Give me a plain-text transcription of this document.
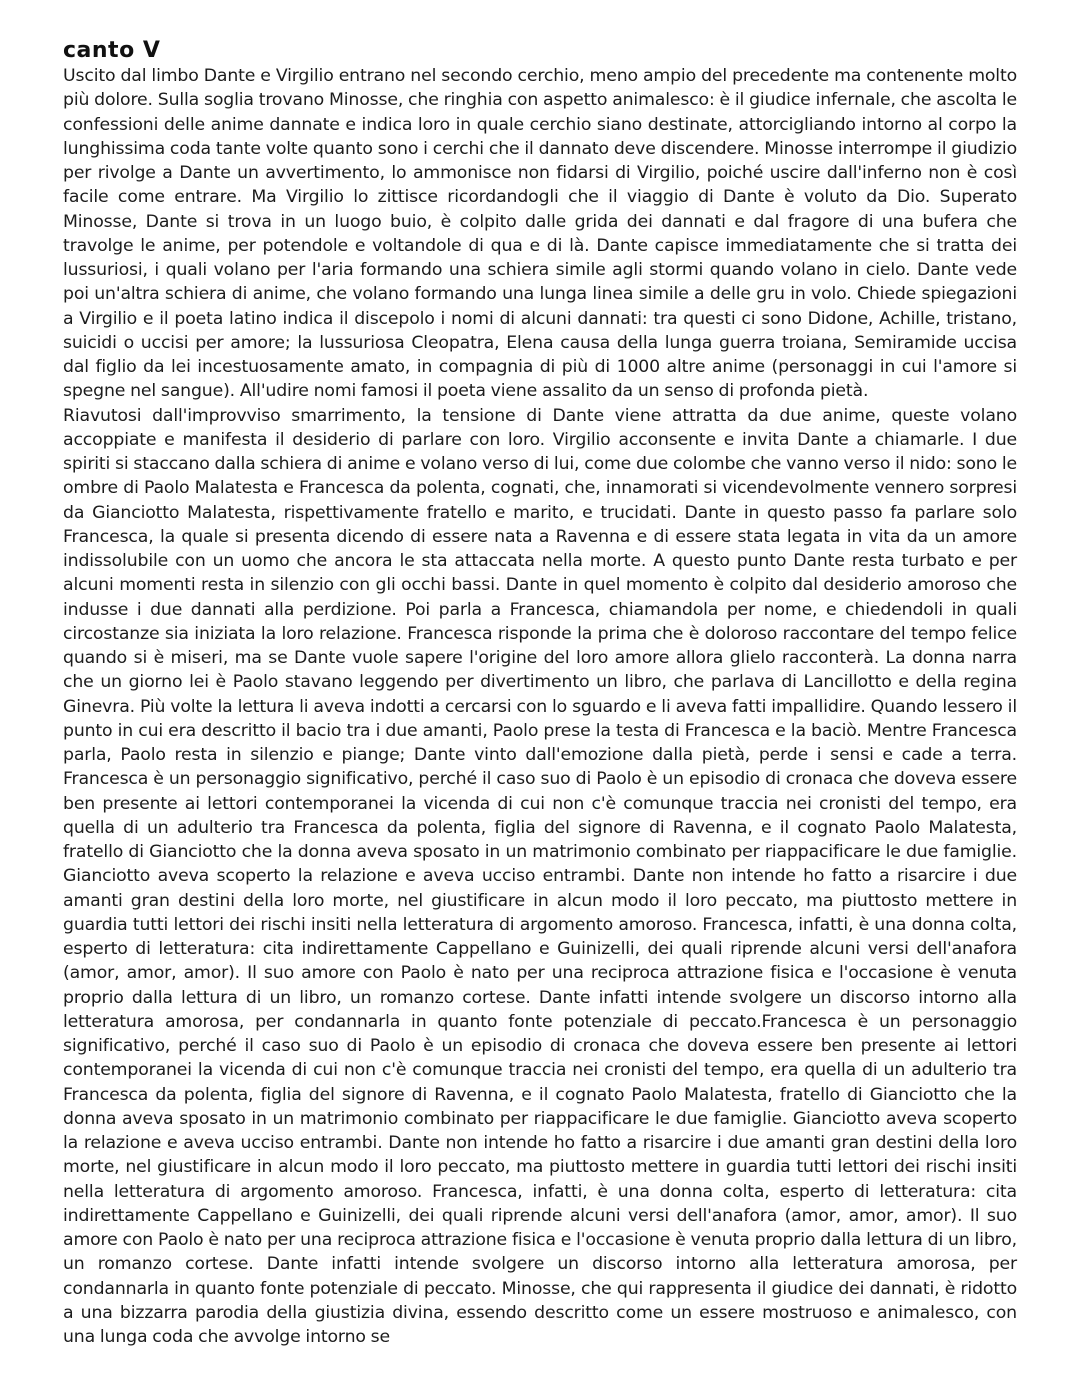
canto V

Uscito dal limbo Dante e Virgilio entrano nel secondo cerchio, meno ampio del precedente ma contenente molto più dolore. Sulla soglia trovano Minosse, che ringhia con aspetto animalesco: è il giudice infernale, che ascolta le confessioni delle anime dannate e indica loro in quale cerchio siano destinate, attorcigliando intorno al corpo la lunghissima coda tante volte quanto sono i cerchi che il dannato deve discendere. Minosse interrompe il giudizio per rivolge a Dante un avvertimento, lo ammonisce non fidarsi di Virgilio, poiché uscire dall'inferno non è così facile come entrare. Ma Virgilio lo zittisce ricordandogli che il viaggio di Dante è voluto da Dio. Superato Minosse, Dante si trova in un luogo buio, è colpito dalle grida dei dannati e dal fragore di una bufera che travolge le anime, per potendole e voltandole di qua e di là. Dante capisce immediatamente che si tratta dei lussuriosi, i quali volano per l'aria formando una schiera simile agli stormi quando volano in cielo. Dante vede poi un'altra schiera di anime, che volano formando una lunga linea simile a delle gru in volo. Chiede spiegazioni a Virgilio e il poeta latino indica il discepolo i nomi di alcuni dannati: tra questi ci sono Didone, Achille, tristano, suicidi o uccisi per amore; la lussuriosa Cleopatra, Elena causa della lunga guerra troiana, Semiramide uccisa dal figlio da lei incestuosamente amato, in compagnia di più di 1000 altre anime (personaggi in cui l'amore si spegne nel sangue). All'udire nomi famosi il poeta viene assalito da un senso di profonda pietà.

Riavutosi dall'improvviso smarrimento, la tensione di Dante viene attratta da due anime, queste volano accoppiate e manifesta il desiderio di parlare con loro. Virgilio acconsente e invita Dante a chiamarle. I due spiriti si staccano dalla schiera di anime e volano verso di lui, come due colombe che vanno verso il nido: sono le ombre di Paolo Malatesta e Francesca da polenta, cognati, che, innamorati si vicendevolmente vennero sorpresi da Gianciotto Malatesta, rispettivamente fratello e marito, e trucidati. Dante in questo passo fa parlare solo Francesca, la quale si presenta dicendo di essere nata a Ravenna e di essere stata legata in vita da un amore indissolubile con un uomo che ancora le sta attaccata nella morte. A questo punto Dante resta turbato e per alcuni momenti resta in silenzio con gli occhi bassi. Dante in quel momento è colpito dal desiderio amoroso che indusse i due dannati alla perdizione. Poi parla a Francesca, chiamandola per nome, e chiedendoli in quali circostanze sia iniziata la loro relazione. Francesca risponde la prima che è doloroso raccontare del tempo felice quando si è miseri, ma se Dante vuole sapere l'origine del loro amore allora glielo racconterà. La donna narra che un giorno lei è Paolo stavano leggendo per divertimento un libro, che parlava di Lancillotto e della regina Ginevra. Più volte la lettura li aveva indotti a cercarsi con lo sguardo e li aveva fatti impallidire. Quando lessero il punto in cui era descritto il bacio tra i due amanti, Paolo prese la testa di Francesca e la baciò. Mentre Francesca parla, Paolo resta in silenzio e piange; Dante vinto dall'emozione dalla pietà, perde i sensi e cade a terra. Francesca è un personaggio significativo, perché il caso suo di Paolo è un episodio di cronaca che doveva essere ben presente ai lettori contemporanei la vicenda di cui non c'è comunque traccia nei cronisti del tempo, era quella di un adulterio tra Francesca da polenta, figlia del signore di Ravenna, e il cognato Paolo Malatesta, fratello di Gianciotto che la donna aveva sposato in un matrimonio combinato per riappacificare le due famiglie. Gianciotto aveva scoperto la relazione e aveva ucciso entrambi. Dante non intende ho fatto a risarcire i due amanti gran destini della loro morte, nel giustificare in alcun modo il loro peccato, ma piuttosto mettere in guardia tutti lettori dei rischi insiti nella letteratura di argomento amoroso. Francesca, infatti, è una donna colta, esperto di letteratura: cita indirettamente Cappellano e Guinizelli, dei quali riprende alcuni versi dell'anafora (amor, amor, amor). Il suo amore con Paolo è nato per una reciproca attrazione fisica e l'occasione è venuta proprio dalla lettura di un libro, un romanzo cortese. Dante infatti intende svolgere un discorso intorno alla letteratura amorosa, per condannarla in quanto fonte potenziale di peccato.Francesca è un personaggio significativo, perché il caso suo di Paolo è un episodio di cronaca che doveva essere ben presente ai lettori contemporanei la vicenda di cui non c'è comunque traccia nei cronisti del tempo, era quella di un adulterio tra Francesca da polenta, figlia del signore di Ravenna, e il cognato Paolo Malatesta, fratello di Gianciotto che la donna aveva sposato in un matrimonio combinato per riappacificare le due famiglie. Gianciotto aveva scoperto la relazione e aveva ucciso entrambi. Dante non intende ho fatto a risarcire i due amanti gran destini della loro morte, nel giustificare in alcun modo il loro peccato, ma piuttosto mettere in guardia tutti lettori dei rischi insiti nella letteratura di argomento amoroso. Francesca, infatti, è una donna colta, esperto di letteratura: cita indirettamente Cappellano e Guinizelli, dei quali riprende alcuni versi dell'anafora (amor, amor, amor). Il suo amore con Paolo è nato per una reciproca attrazione fisica e l'occasione è venuta proprio dalla lettura di un libro, un romanzo cortese. Dante infatti intende svolgere un discorso intorno alla letteratura amorosa, per condannarla in quanto fonte potenziale di peccato. Minosse, che qui rappresenta il giudice dei dannati, è ridotto a una bizzarra parodia della giustizia divina, essendo descritto come un essere mostruoso e animalesco, con una lunga coda che avvolge intorno se
